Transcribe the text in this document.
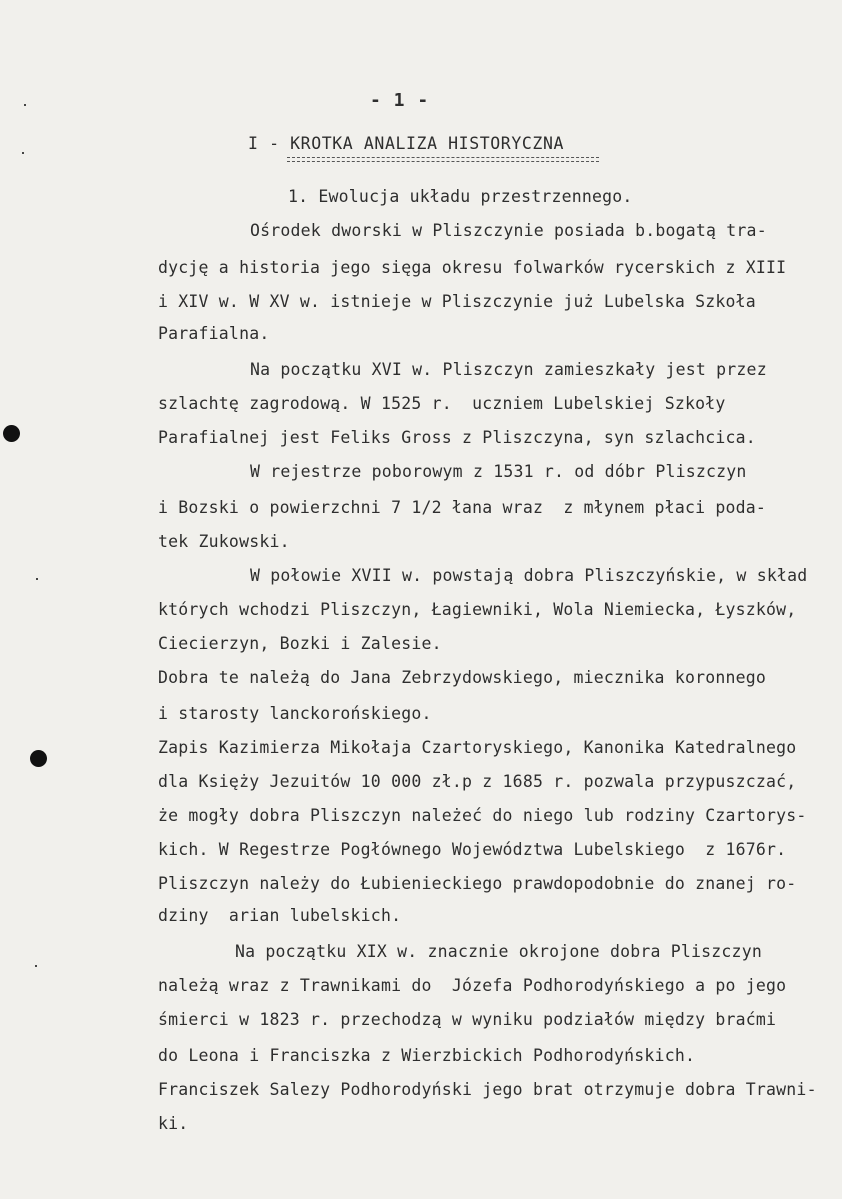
- 1 -
I - KROTKA ANALIZA HISTORYCZNA
1. Ewolucja układu przestrzennego.
Ośrodek dworski w Pliszczynie posiada b.bogatą tra-
dycję a historia jego sięga okresu folwarków rycerskich z XIII
i XIV w. W XV w. istnieje w Pliszczynie już Lubelska Szkoła
Parafialna.
Na początku XVI w. Pliszczyn zamieszkały jest przez
szlachtę zagrodową. W 1525 r.  uczniem Lubelskiej Szkoły
Parafialnej jest Feliks Gross z Pliszczyna, syn szlachcica.
W rejestrze poborowym z 1531 r. od dóbr Pliszczyn
i Bozski o powierzchni 7 1/2 łana wraz  z młynem płaci poda-
tek Zukowski.
W połowie XVII w. powstają dobra Pliszczyńskie, w skład
których wchodzi Pliszczyn, Łagiewniki, Wola Niemiecka, Łyszków,
Ciecierzyn, Bozki i Zalesie.
Dobra te należą do Jana Zebrzydowskiego, miecznika koronnego
i starosty lanckorońskiego.
Zapis Kazimierza Mikołaja Czartoryskiego, Kanonika Katedralnego
dla Księży Jezuitów 10 000 zł.p z 1685 r. pozwala przypuszczać,
że mogły dobra Pliszczyn należeć do niego lub rodziny Czartorys-
kich. W Regestrze Pogłównego Województwa Lubelskiego  z 1676r.
Pliszczyn należy do Łubienieckiego prawdopodobnie do znanej ro-
dziny  arian lubelskich.
Na początku XIX w. znacznie okrojone dobra Pliszczyn
należą wraz z Trawnikami do  Józefa Podhorodyńskiego a po jego
śmierci w 1823 r. przechodzą w wyniku podziałów między braćmi
do Leona i Franciszka z Wierzbickich Podhorodyńskich.
Franciszek Salezy Podhorodyński jego brat otrzymuje dobra Trawni-
ki.
